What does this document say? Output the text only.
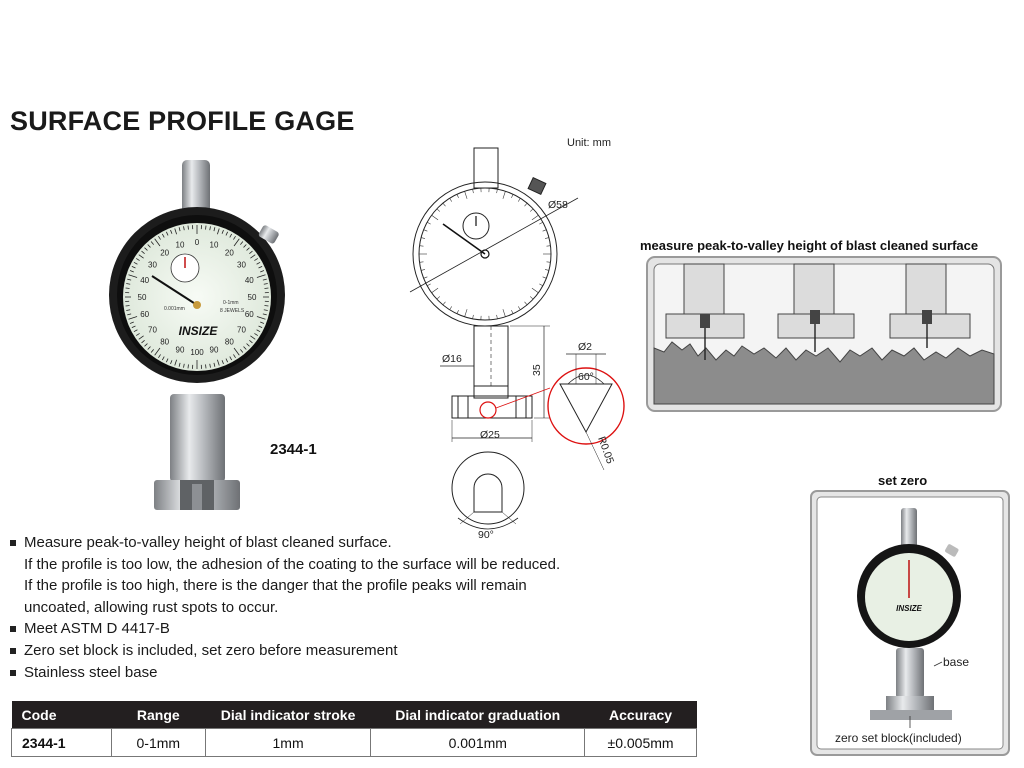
SURFACE PROFILE GAGE
0 10
20
30
40
50
60
70
80
90
100
90
80
70
60
50
40
30
20
10
0.001mm
0-1mm
8 JEWELS
INSIZE
2344-1
Unit: mm
Ø58
Ø16
35
Ø25
Ø2
60°
R0.05
90°
measure peak-to-valley height of blast cleaned surface
set zero
INSIZE
base
zero set block(included)
Measure peak-to-valley height of blast cleaned surface.
If the profile is too low, the adhesion of the coating to the surface will be reduced.
If the profile is too high, there is the danger that the profile peaks will remain
uncoated, allowing rust spots to occur.
Meet ASTM D 4417-B
Zero set block is included, set zero before measurement
Stainless steel base
Code	Range	Dial indicator stroke	Dial indicator graduation	Accuracy
2344-1	0-1mm	1mm	0.001mm	±0.005mm
